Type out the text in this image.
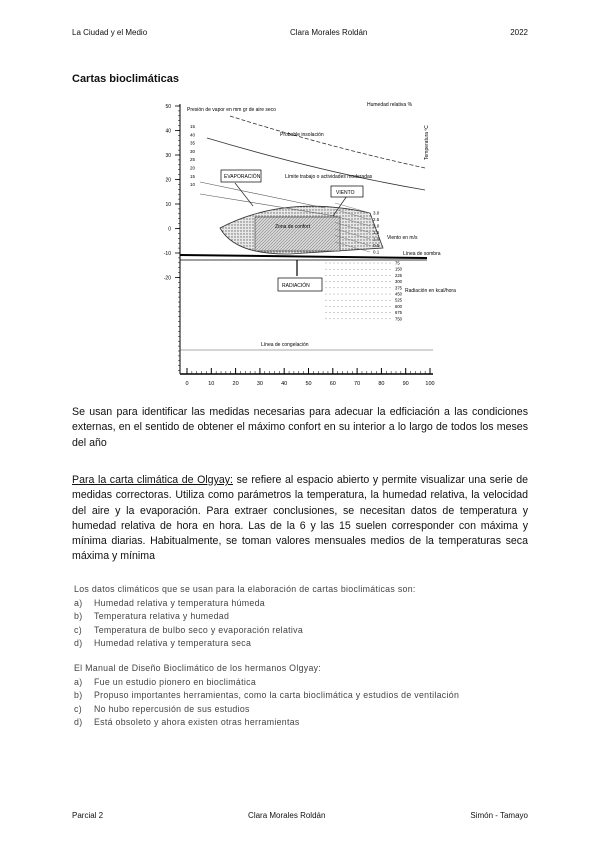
La Ciudad y el Medio	Clara Morales Roldán	2022
Cartas bioclimáticas
50
40
30
20
10
0
-10
-20
0	10	20	30	40	50	60	70	80	90	100
Presión de vapor en mm gr de aire seco
Humedad relativa %
Temperatura ºC
Probable insolación
Límite trabajo o actividades moderadas
EVAPORACIÓN
VIENTO
Zona de confort
Viento en m/s
Línea de sombra
RADIACIÓN
Radiación en kcal/hora
Línea de congelación
15
40
35
30
25
20
15
10
3.0
2.5
2.0
1.5
1.0
0.5
0.1
75
150
225
300
375
450
525
600
675
750

Se usan para identificar las medidas necesarias para adecuar la edficiación a las condiciones externas, en el sentido de obtener el máximo confort en su interior a lo largo de todos los meses del año

Para la carta climática de Olgyay: se refiere al espacio abierto y permite visualizar una serie de medidas correctoras. Utiliza como parámetros la temperatura, la humedad relativa, la velocidad del aire y la evaporación. Para extraer conclusiones, se necesitan datos de temperatura y humedad relativa de hora en hora. Las de la 6 y las 15 suelen corresponder con máxima y mínima diarias. Habitualmente, se toman valores mensuales medios de la temperaturas seca máxima y mínima

Los datos climáticos que se usan para la elaboración de cartas bioclimáticas son:
a)	Humedad relativa y temperatura húmeda
b)	Temperatura relativa y humedad
c)	Temperatura de bulbo seco y evaporación relativa
d)	Humedad relativa y temperatura seca
El Manual de Diseño Bioclimático de los hermanos Olgyay:
a)	Fue un estudio pionero en bioclimática
b)	Propuso importantes herramientas, como la carta bioclimática y estudios de ventilación
c)	No hubo repercusión de sus estudios
d)	Está obsoleto y ahora existen otras herramientas
Parcial 2	Clara Morales Roldán	Simón - Tamayo
